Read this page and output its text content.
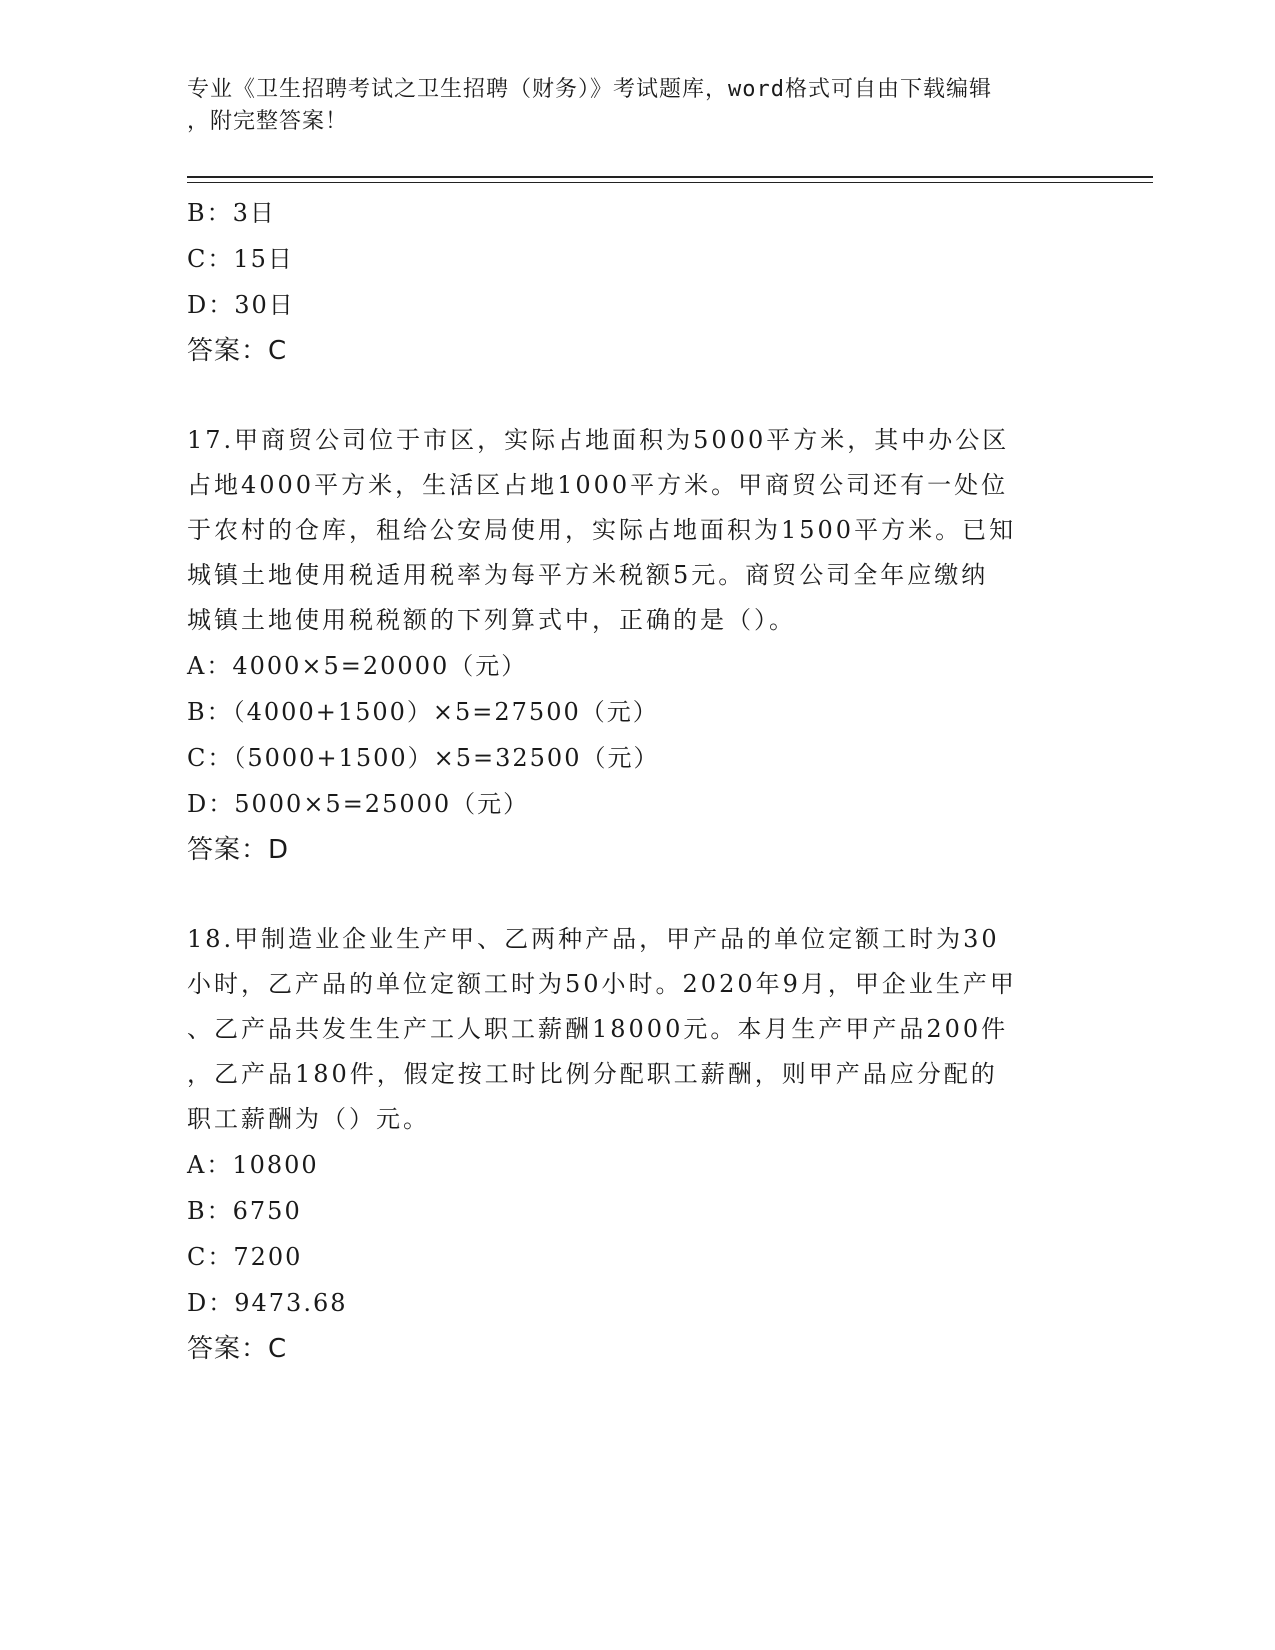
专业《卫生招聘考试之卫生招聘（财务）》考试题库，word格式可自由下载编辑
，附完整答案！
B：3日
C：15日
D：30日
答案：C
17.甲商贸公司位于市区，实际占地面积为5000平方米，其中办公区
占地4000平方米，生活区占地1000平方米。甲商贸公司还有一处位
于农村的仓库，租给公安局使用，实际占地面积为1500平方米。已知
城镇土地使用税适用税率为每平方米税额5元。商贸公司全年应缴纳
城镇土地使用税税额的下列算式中，正确的是（）。
A：4000×5=20000（元）
B：（4000+1500）×5=27500（元）
C：（5000+1500）×5=32500（元）
D：5000×5=25000（元）
答案：D
18.甲制造业企业生产甲、乙两种产品，甲产品的单位定额工时为30
小时，乙产品的单位定额工时为50小时。2020年9月，甲企业生产甲
、乙产品共发生生产工人职工薪酬18000元。本月生产甲产品200件
，乙产品180件，假定按工时比例分配职工薪酬，则甲产品应分配的
职工薪酬为（）元。
A：10800
B：6750
C：7200
D：9473.68
答案：C
